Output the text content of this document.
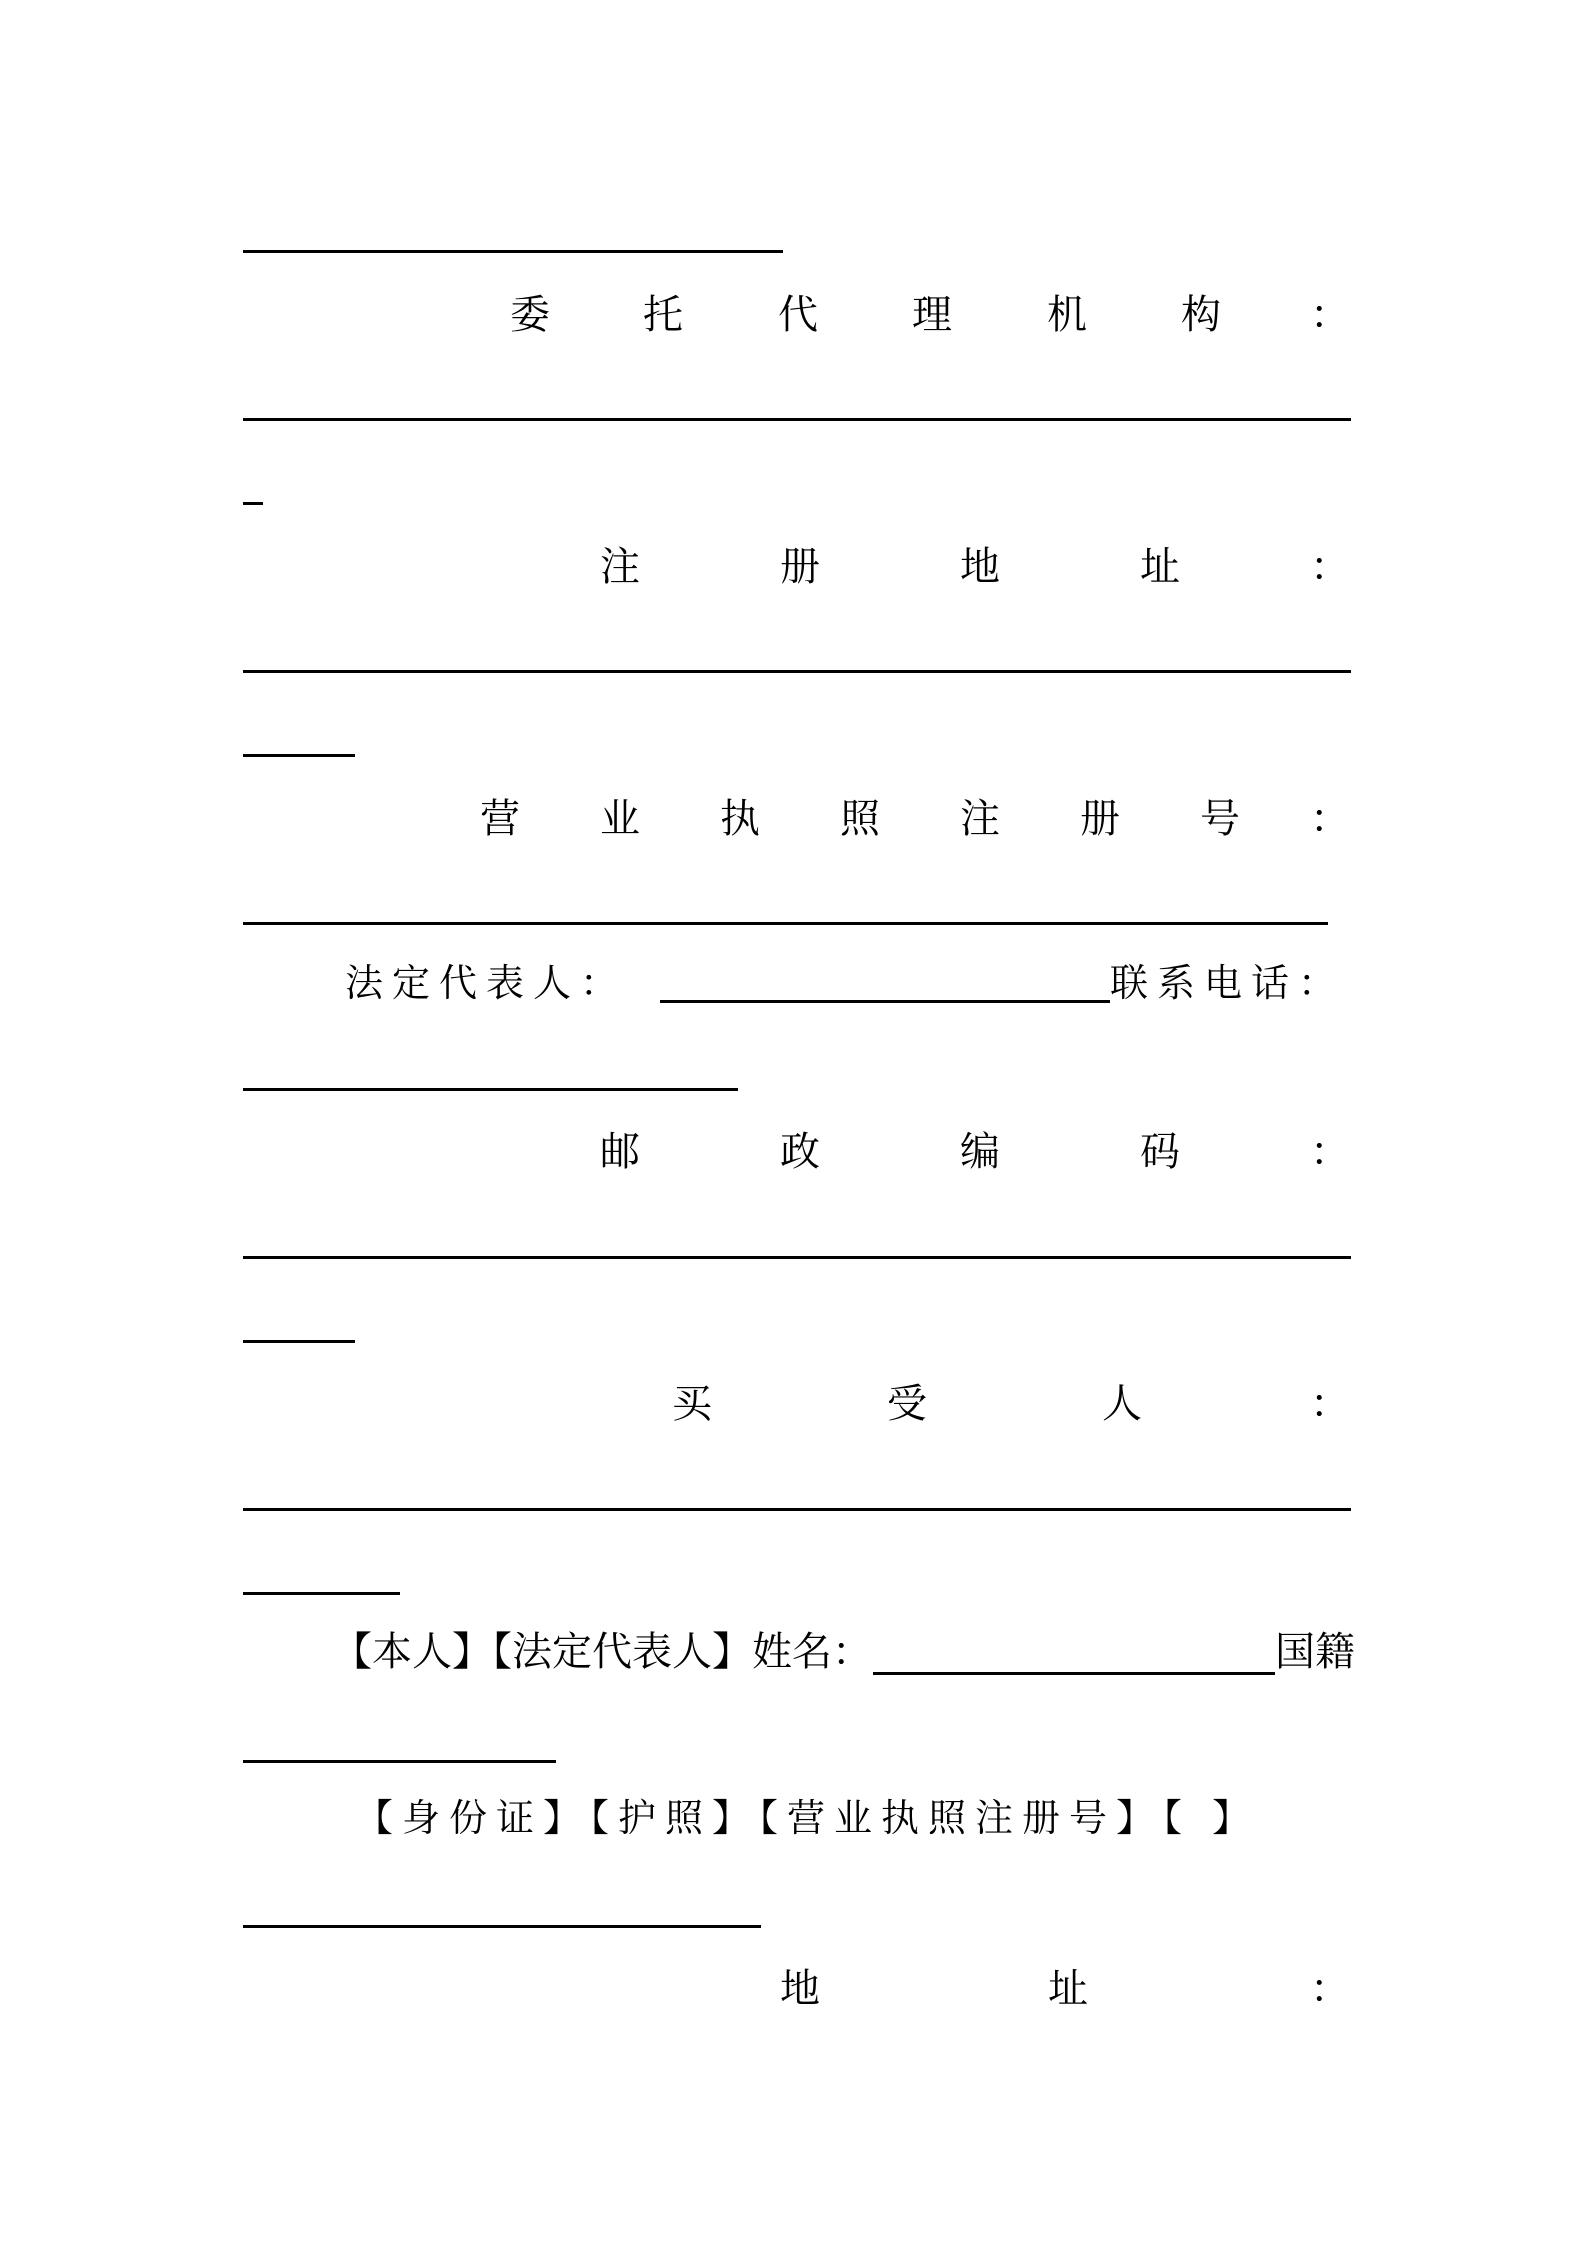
委 托 代 理 机 构 ：
注	册	地	址	：
营 业 执 照 注 册 号 ：
法定代表人：	联系电话：
邮	政	编	码	：
买	受	人	：
【本人】【法定代表人】姓名：	国籍
【身份证】【护照】【营业执照注册号】【 】
地	址	：
